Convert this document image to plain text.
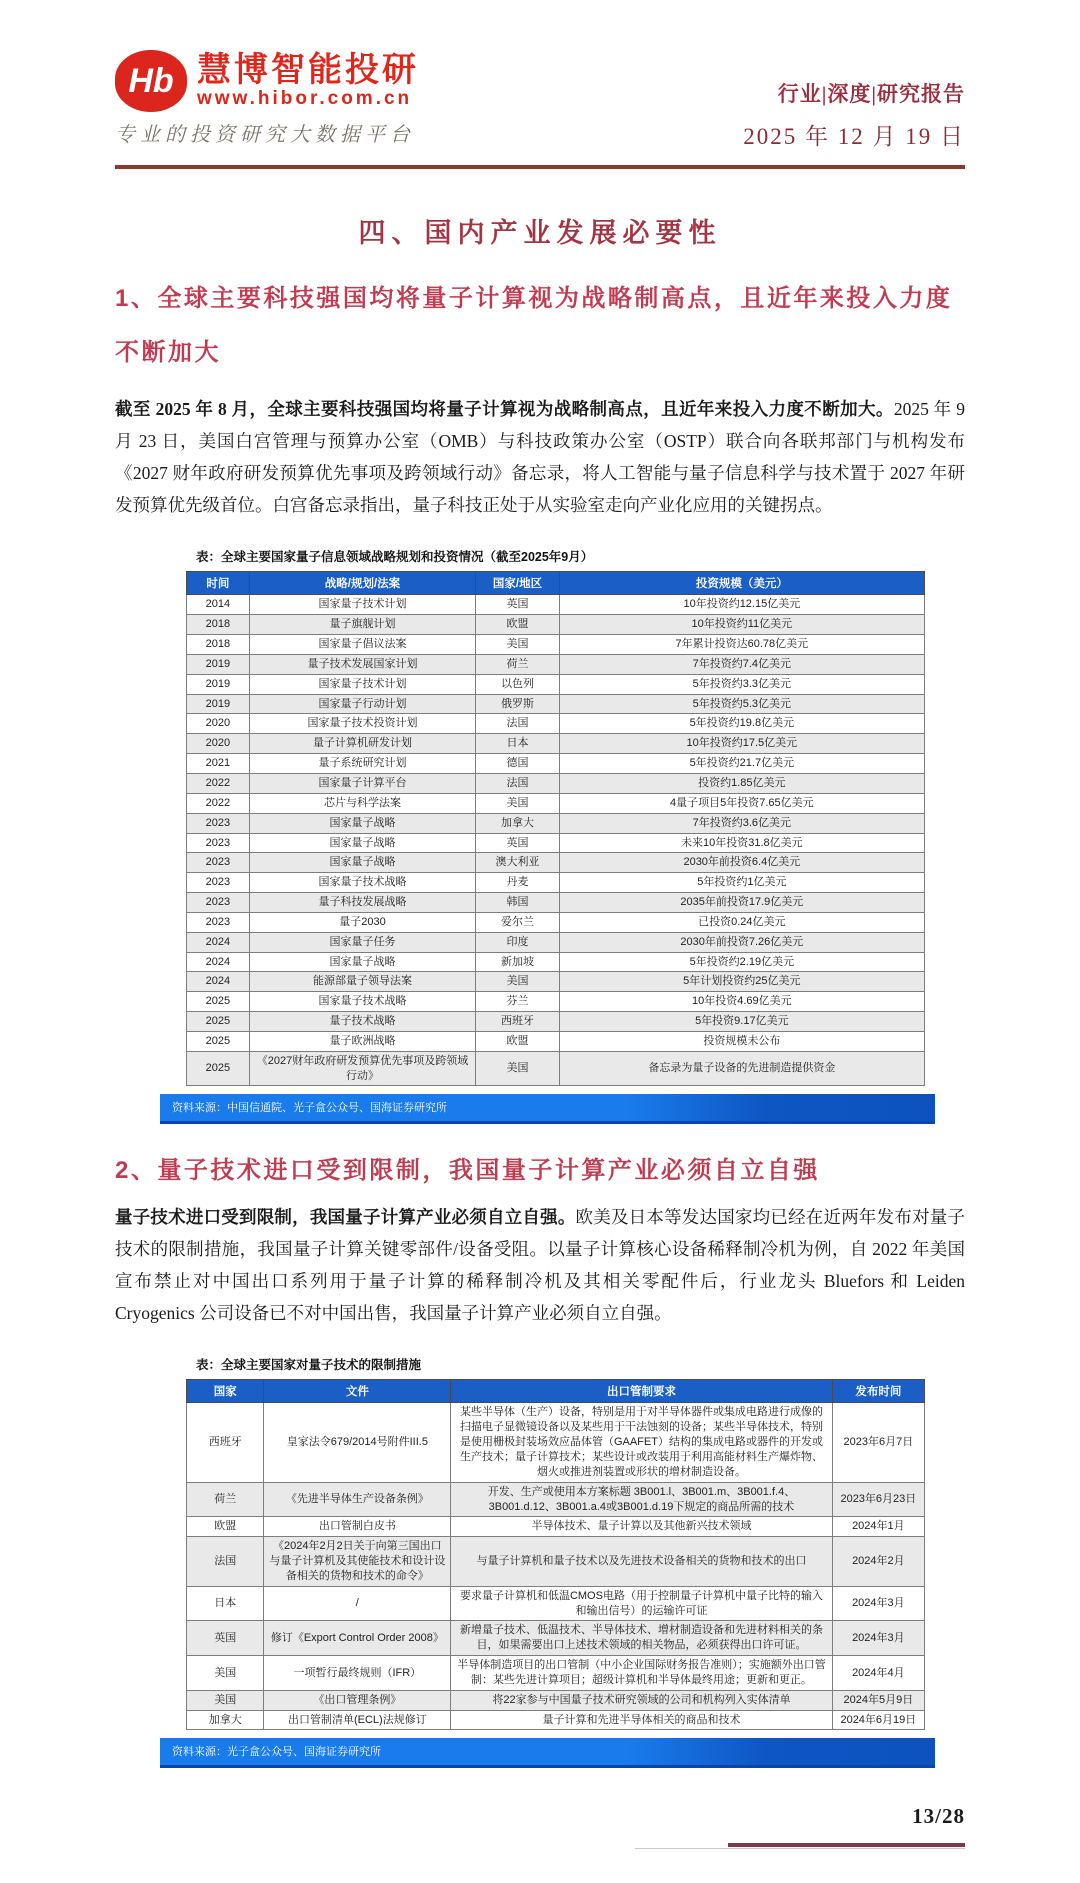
Hb 慧博智能投研
www.hibor.com.cn
专业的投资研究大数据平台
行业|深度|研究报告
2025 年 12 月 19 日
四、国内产业发展必要性
1、全球主要科技强国均将量子计算视为战略制高点，且近年来投入力度不断加大

截至 2025 年 8 月，全球主要科技强国均将量子计算视为战略制高点，且近年来投入力度不断加大。2025 年 9 月 23 日，美国白宫管理与预算办公室（OMB）与科技政策办公室（OSTP）联合向各联邦部门与机构发布《2027 财年政府研发预算优先事项及跨领域行动》备忘录，将人工智能与量子信息科学与技术置于 2027 年研发预算优先级首位。白宫备忘录指出，量子科技正处于从实验室走向产业化应用的关键拐点。

表：全球主要国家量子信息领域战略规划和投资情况（截至2025年9月）
时间	战略/规划/法案	国家/地区	投资规模（美元）
2014	国家量子技术计划	英国	10年投资约12.15亿美元
2018	量子旗舰计划	欧盟	10年投资约11亿美元
2018	国家量子倡议法案	美国	7年累计投资达60.78亿美元
2019	量子技术发展国家计划	荷兰	7年投资约7.4亿美元
2019	国家量子技术计划	以色列	5年投资约3.3亿美元
2019	国家量子行动计划	俄罗斯	5年投资约5.3亿美元
2020	国家量子技术投资计划	法国	5年投资约19.8亿美元
2020	量子计算机研发计划	日本	10年投资约17.5亿美元
2021	量子系统研究计划	德国	5年投资约21.7亿美元
2022	国家量子计算平台	法国	投资约1.85亿美元
2022	芯片与科学法案	美国	4量子项目5年投资7.65亿美元
2023	国家量子战略	加拿大	7年投资约3.6亿美元
2023	国家量子战略	英国	未来10年投资31.8亿美元
2023	国家量子战略	澳大利亚	2030年前投资6.4亿美元
2023	国家量子技术战略	丹麦	5年投资约1亿美元
2023	量子科技发展战略	韩国	2035年前投资17.9亿美元
2023	量子2030	爱尔兰	已投资0.24亿美元
2024	国家量子任务	印度	2030年前投资7.26亿美元
2024	国家量子战略	新加坡	5年投资约2.19亿美元
2024	能源部量子领导法案	美国	5年计划投资约25亿美元
2025	国家量子技术战略	芬兰	10年投资4.69亿美元
2025	量子技术战略	西班牙	5年投资9.17亿美元
2025	量子欧洲战略	欧盟	投资规模未公布
2025	《2027财年政府研发预算优先事项及跨领域行动》	美国	备忘录为量子设备的先进制造提供资金
资料来源：中国信通院、光子盒公众号、国海证券研究所
2、量子技术进口受到限制，我国量子计算产业必须自立自强

量子技术进口受到限制，我国量子计算产业必须自立自强。欧美及日本等发达国家均已经在近两年发布对量子技术的限制措施，我国量子计算关键零部件/设备受阻。以量子计算核心设备稀释制冷机为例，自 2022 年美国宣布禁止对中国出口系列用于量子计算的稀释制冷机及其相关零配件后，行业龙头 Bluefors 和 Leiden Cryogenics 公司设备已不对中国出售，我国量子计算产业必须自立自强。

表：全球主要国家对量子技术的限制措施
国家	文件	出口管制要求	发布时间
西班牙	皇家法令679/2014号附件III.5	某些半导体（生产）设备，特别是用于对半导体器件或集成电路进行成像的扫描电子显微镜设备以及某些用于干法蚀刻的设备；某些半导体技术，特别是使用栅极封装场效应晶体管（GAAFET）结构的集成电路或器件的开发或生产技术；量子计算技术；某些设计或改装用于利用高能材料生产爆炸物、烟火或推进剂装置或形状的增材制造设备。	2023年6月7日
荷兰	《先进半导体生产设备条例》	开发、生产或使用本方案标题 3B001.l、3B001.m、3B001.f.4、3B001.d.12、3B001.a.4或3B001.d.19下规定的商品所需的技术	2023年6月23日
欧盟	出口管制白皮书	半导体技术、量子计算以及其他新兴技术领域	2024年1月
法国	《2024年2月2日关于向第三国出口与量子计算机及其使能技术和设计设备相关的货物和技术的命令》	与量子计算机和量子技术以及先进技术设备相关的货物和技术的出口	2024年2月
日本	/	要求量子计算机和低温CMOS电路（用于控制量子计算机中量子比特的输入和输出信号）的运输许可证	2024年3月
英国	修订《Export Control Order 2008》	新增量子技术、低温技术、半导体技术、增材制造设备和先进材料相关的条目，如果需要出口上述技术领域的相关物品，必须获得出口许可证。	2024年3月
美国	一项暂行最终规则（IFR）	半导体制造项目的出口管制（中小企业国际财务报告准则）；实施额外出口管制：某些先进计算项目；超级计算机和半导体最终用途；更新和更正。	2024年4月
美国	《出口管理条例》	将22家参与中国量子技术研究领域的公司和机构列入实体清单	2024年5月9日
加拿大	出口管制清单(ECL)法规修订	量子计算和先进半导体相关的商品和技术	2024年6月19日
资料来源：光子盒公众号、国海证券研究所
13/28
